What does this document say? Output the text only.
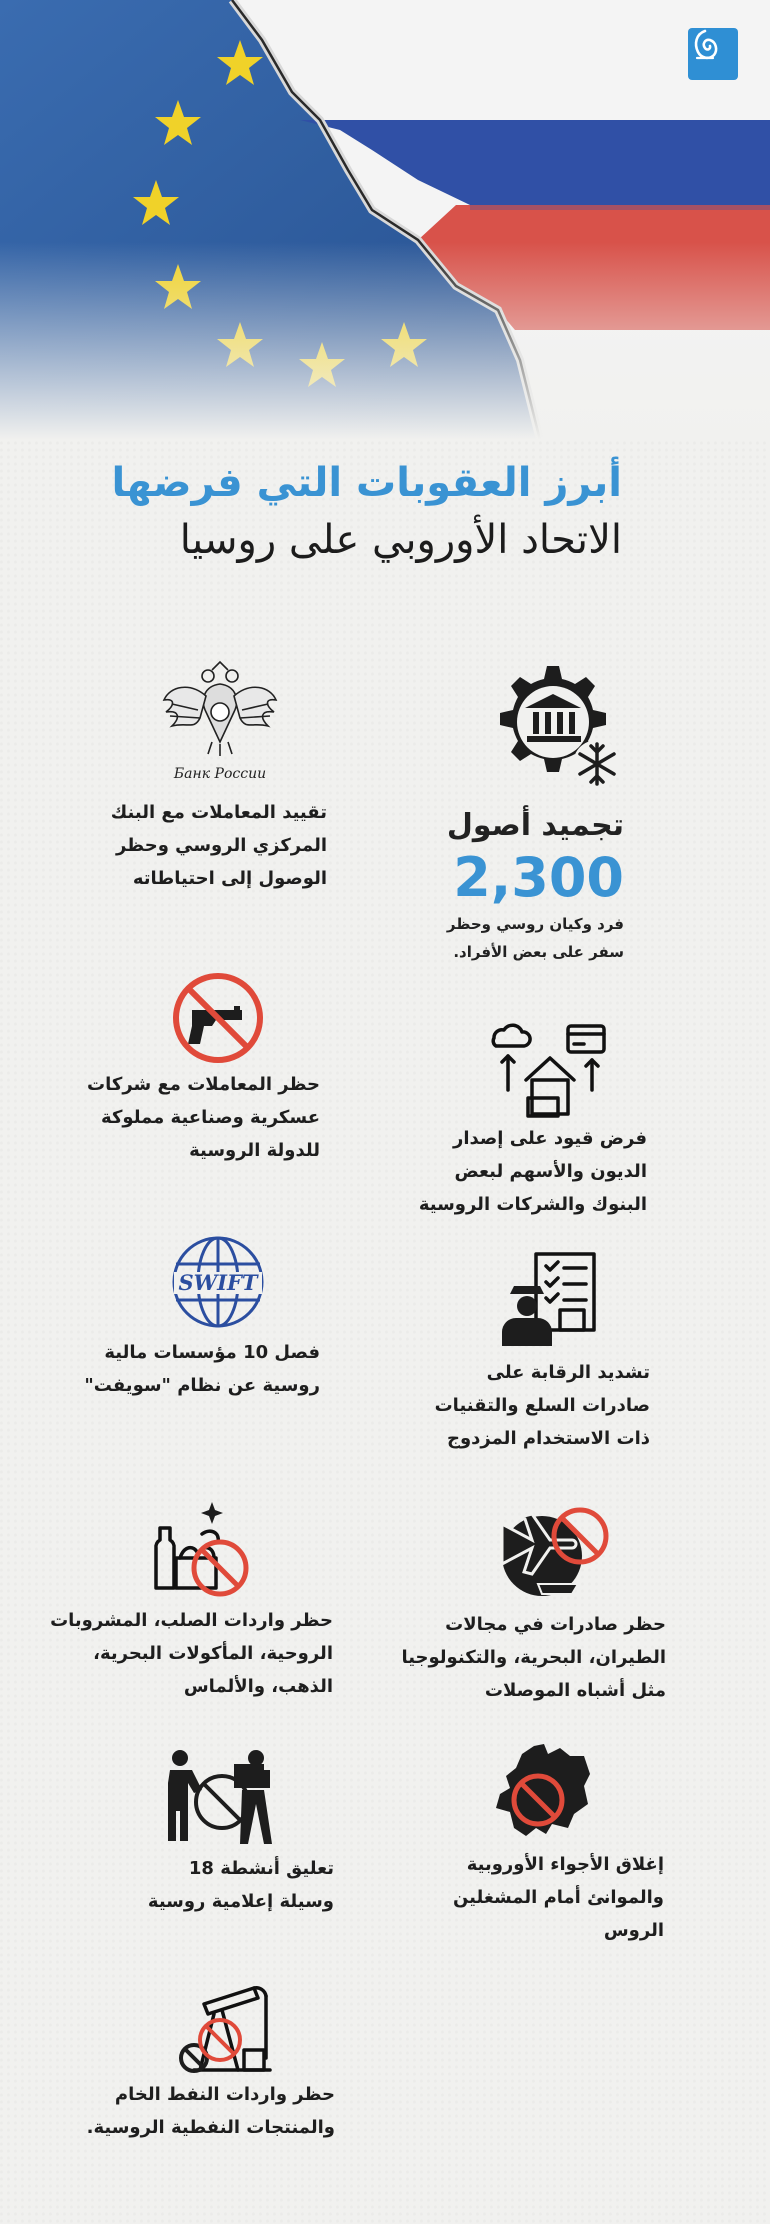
أبرز العقوبات التي فرضها
الاتحاد الأوروبي على روسيا
Банк России
تقييد المعاملات مع البنك
المركزي الروسي وحظر
الوصول إلى احتياطاته
تجميد أصول
2,300
فرد وكيان روسي وحظر
سفر على بعض الأفراد.
حظر المعاملات مع شركات
عسكرية وصناعية مملوكة
للدولة الروسية
فرض قيود على إصدار
الديون والأسهم لبعض
البنوك والشركات الروسية
SWIFT
فصل 10 مؤسسات مالية
روسية عن نظام "سويفت"
تشديد الرقابة على
صادرات السلع والتقنيات
ذات الاستخدام المزدوج
حظر واردات الصلب، المشروبات
الروحية، المأكولات البحرية،
الذهب، والألماس
حظر صادرات في مجالات
الطيران، البحرية، والتكنولوجيا
مثل أشباه الموصلات
تعليق أنشطة 18
وسيلة إعلامية روسية
إغلاق الأجواء الأوروبية
والموانئ أمام المشغلين
الروس
حظر واردات النفط الخام
والمنتجات النفطية الروسية.
